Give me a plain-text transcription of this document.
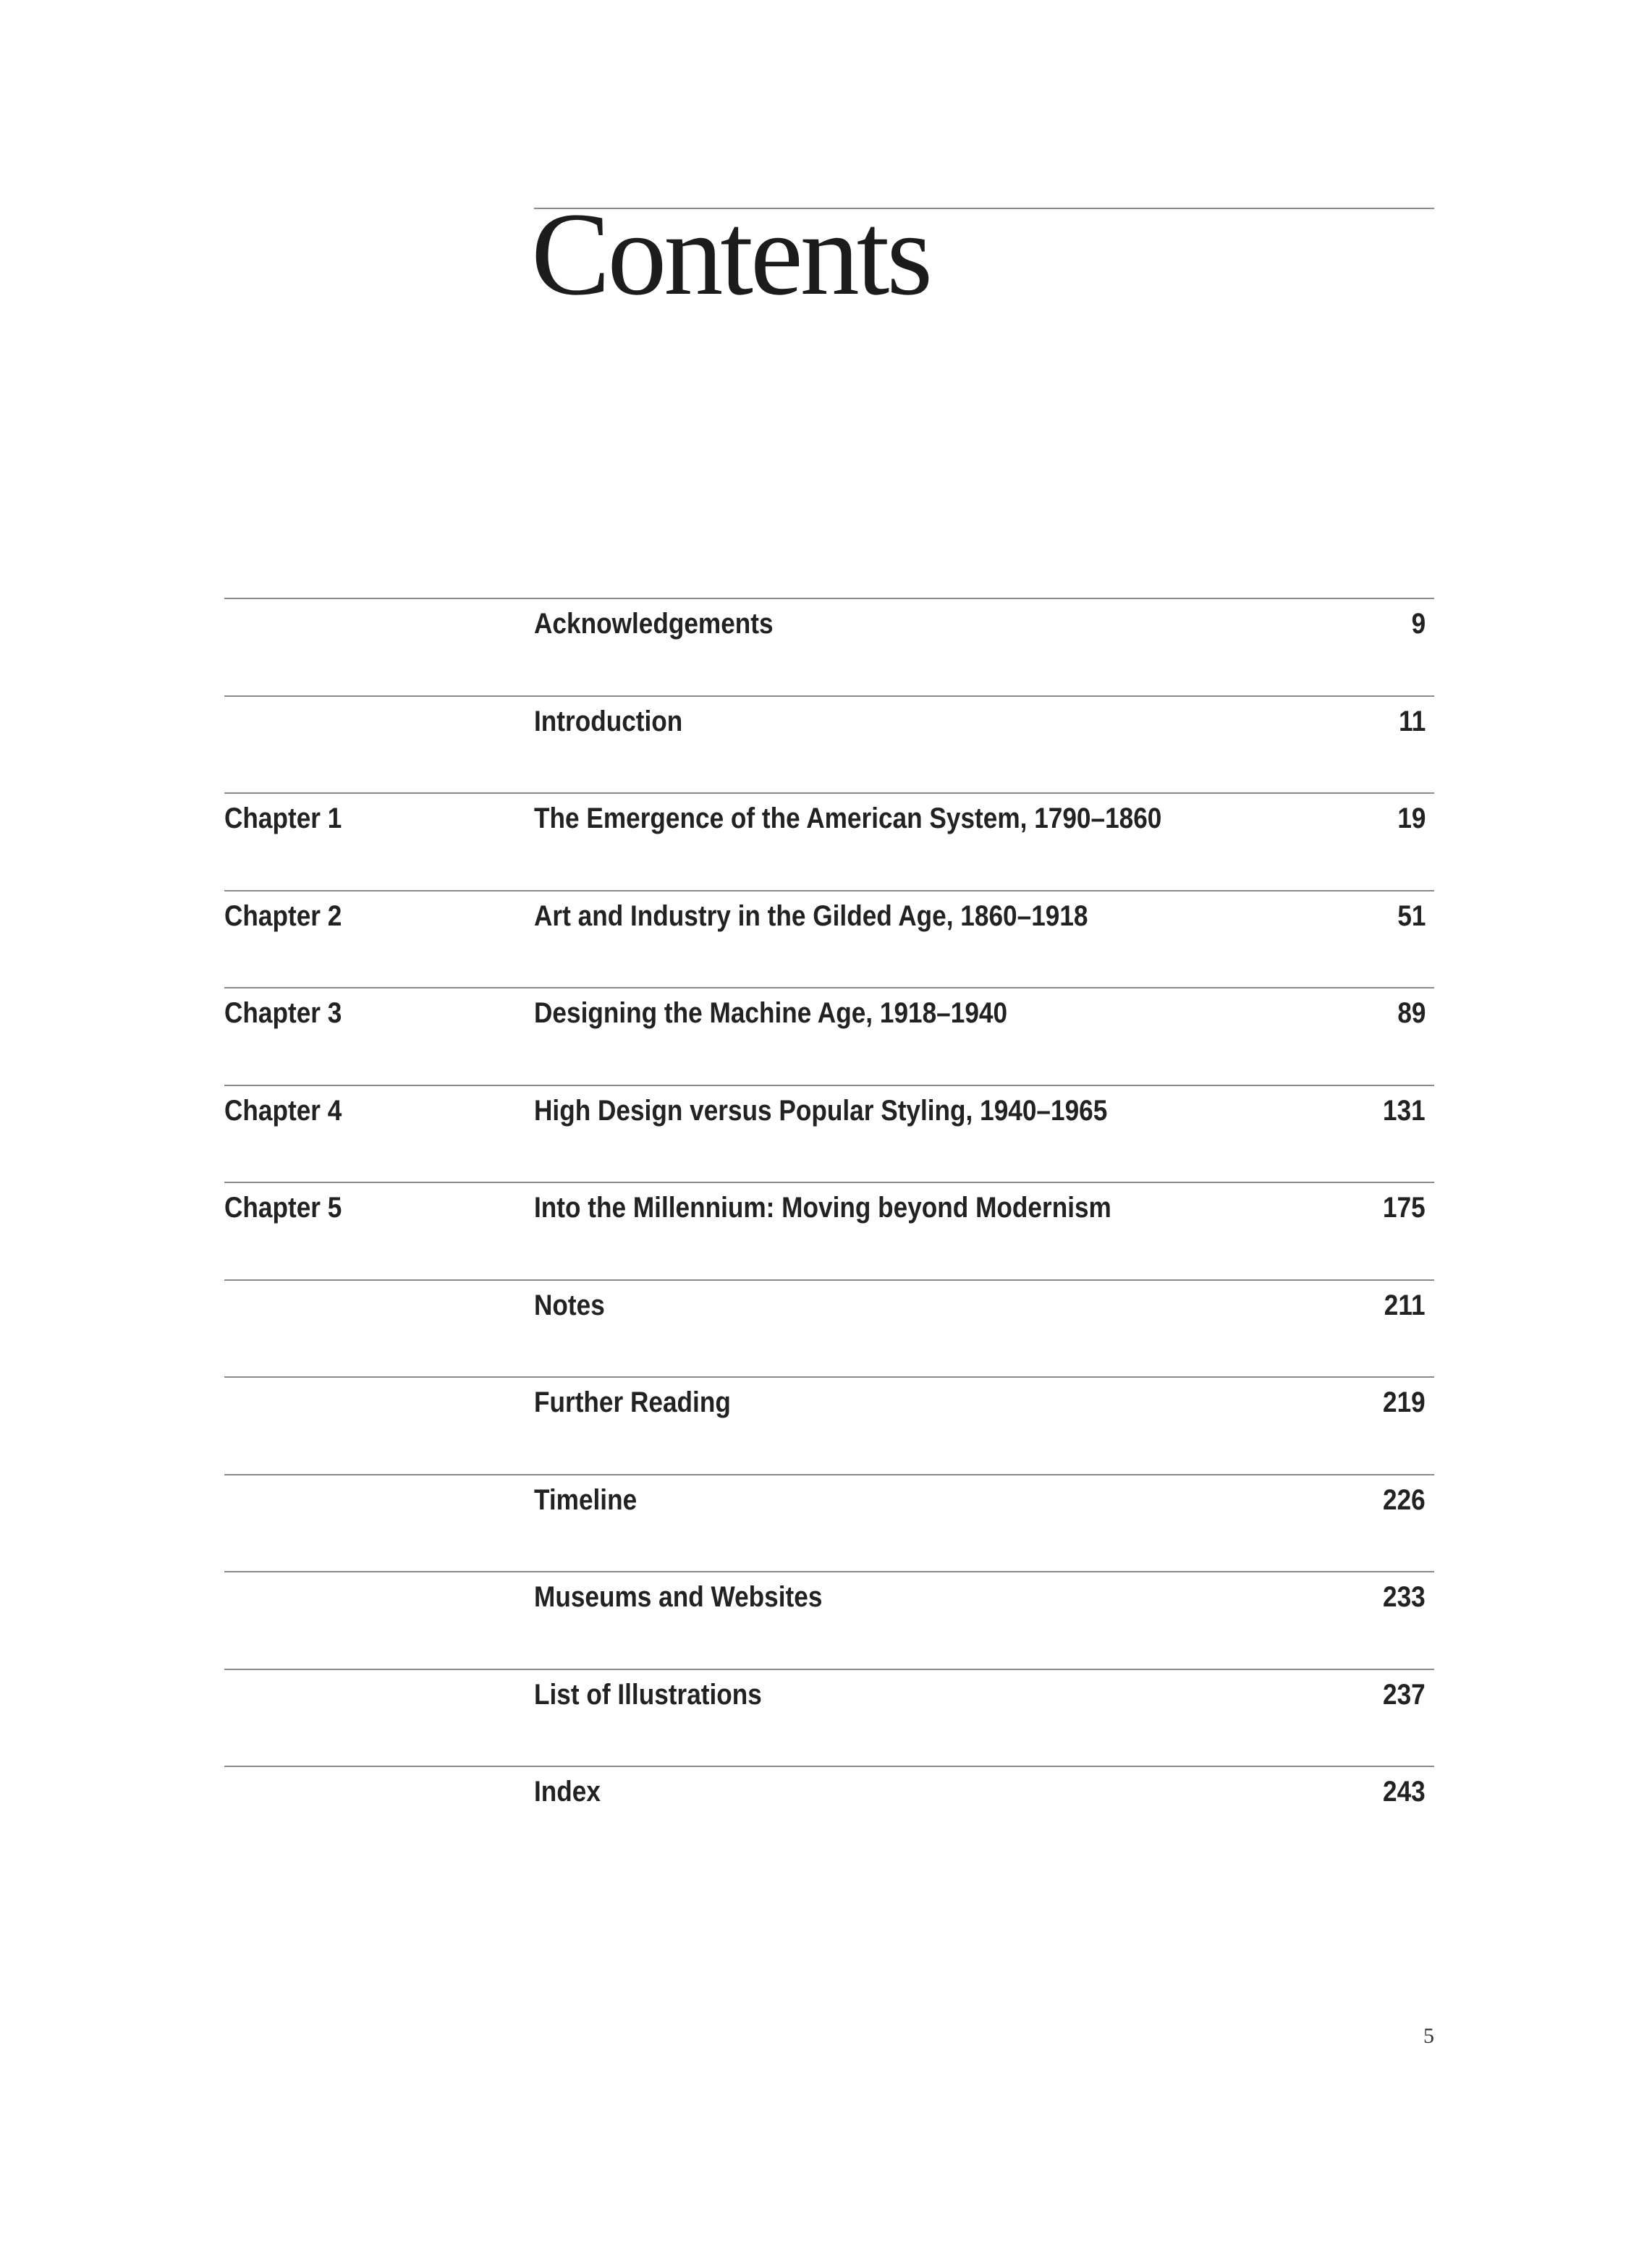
Contents
Acknowledgements	9
Introduction	11
Chapter 1	The Emergence of the American System, 1790–1860	19
Chapter 2	Art and Industry in the Gilded Age, 1860–1918	51
Chapter 3	Designing the Machine Age, 1918–1940	89
Chapter 4	High Design versus Popular Styling, 1940–1965	131
Chapter 5	Into the Millennium: Moving beyond Modernism	175
Notes	211
Further Reading	219
Timeline	226
Museums and Websites	233
List of Illustrations	237
Index	243
5
